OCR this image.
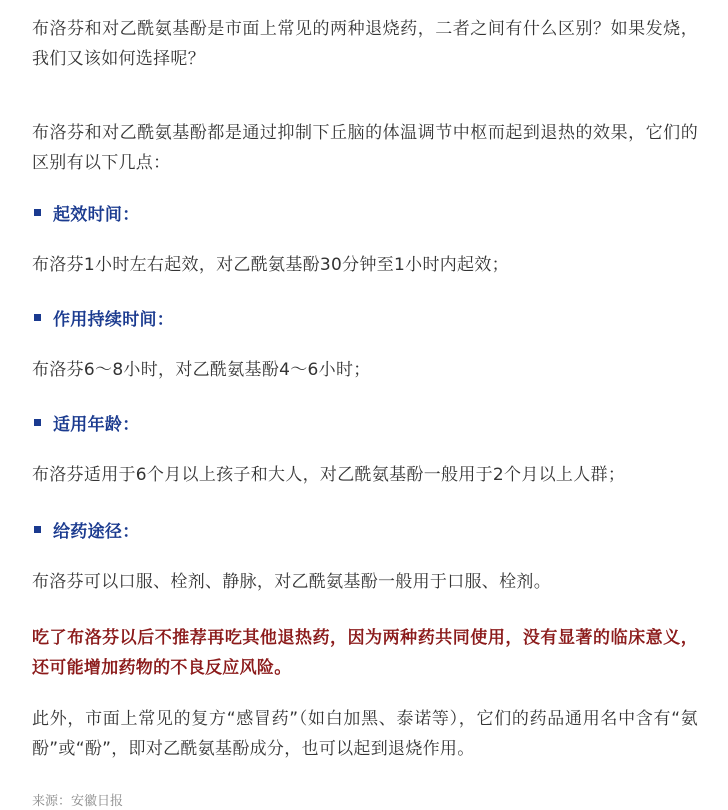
布洛芬和对乙酰氨基酚是市面上常见的两种退烧药，二者之间有什么区别？如果发烧，我们又该如何选择呢？

布洛芬和对乙酰氨基酚都是通过抑制下丘脑的体温调节中枢而起到退热的效果，它们的区别有以下几点：

起效时间：

布洛芬1小时左右起效，对乙酰氨基酚30分钟至1小时内起效；

作用持续时间：

布洛芬6～8小时，对乙酰氨基酚4～6小时；

适用年龄：

布洛芬适用于6个月以上孩子和大人，对乙酰氨基酚一般用于2个月以上人群；

给药途径：

布洛芬可以口服、栓剂、静脉，对乙酰氨基酚一般用于口服、栓剂。

吃了布洛芬以后不推荐再吃其他退热药，因为两种药共同使用，没有显著的临床意义，还可能增加药物的不良反应风险。

此外，市面上常见的复方“感冒药”（如白加黑、泰诺等），它们的药品通用名中含有“氨酚”或“酚”，即对乙酰氨基酚成分，也可以起到退烧作用。

来源：安徽日报
